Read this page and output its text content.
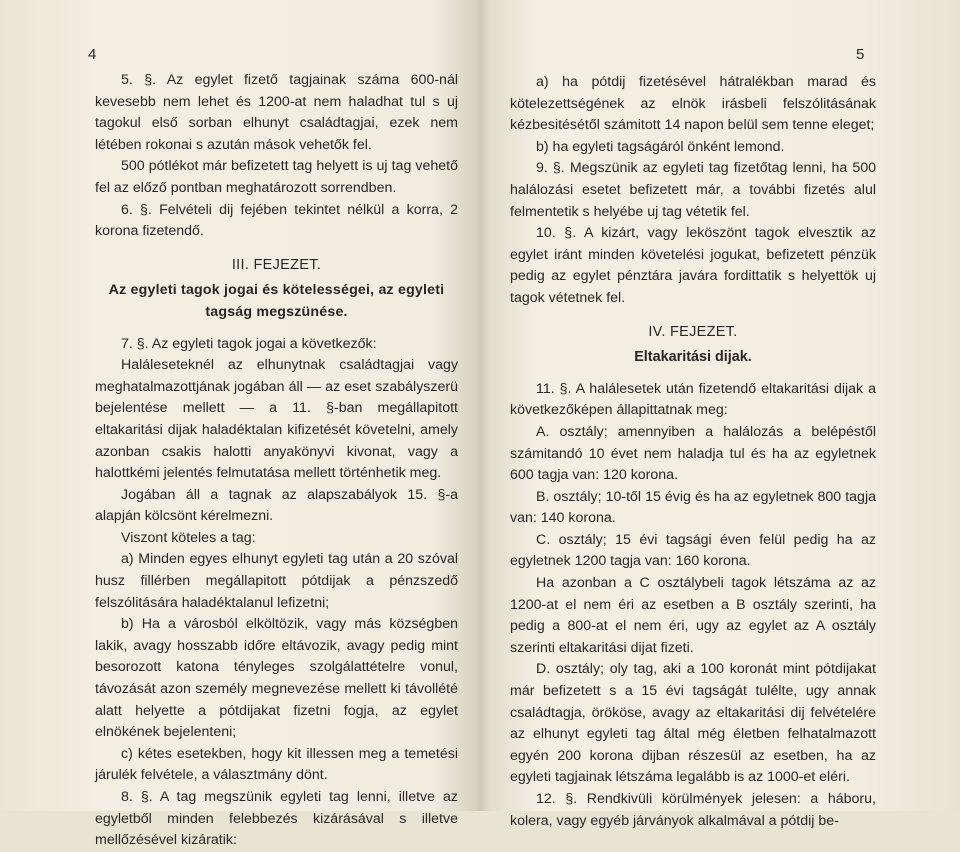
4

5. §. Az egylet fizető tagjainak száma 600-nál kevesebb nem lehet és 1200-at nem haladhat tul s uj tagokul első sorban elhunyt családtagjai, ezek nem létében rokonai s azután mások vehetők fel.

500 pótlékot már befizetett tag helyett is uj tag vehető fel az előző pontban meghatározott sorrendben.

6. §. Felvételi dij fejében tekintet nélkül a korra, 2 korona fizetendő.

III. FEJEZET.

Az egyleti tagok jogai és kötelességei, az egyleti tagság megszünése.

7. §. Az egyleti tagok jogai a következők:

Haláleseteknél az elhunytnak családtagjai vagy meghatalmazottjának jogában áll — az eset szabályszerü bejelentése mellett — a 11. §-ban megállapitott eltakaritási dijak haladéktalan kifizetését követelni, amely azonban csakis halotti anyakönyvi kivonat, vagy a halottkémi jelentés felmutatása mellett történhetik meg.

Jogában áll a tagnak az alapszabályok 15. §-a alapján kölcsönt kérelmezni.

Viszont köteles a tag:

a) Minden egyes elhunyt egyleti tag után a 20 szóval husz fillérben megállapitott pótdijak a pénzszedő felszólitására haladéktalanul lefizetni;

b) Ha a városból elköltözik, vagy más községben lakik, avagy hosszabb időre eltávozik, avagy pedig mint besorozott katona tényleges szolgálattételre vonul, távozását azon személy megnevezése mellett ki távollété alatt helyette a pótdijakat fizetni fogja, az egylet elnökének bejelenteni;

c) kétes esetekben, hogy kit illessen meg a temetési járulék felvétele, a választmány dönt.

8. §. A tag megszünik egyleti tag lenni, illetve az egyletből minden felebbezés kizárásával s illetve mellőzésével kizáratik:

5

a) ha pótdij fizetésével hátralékban marad és kötelezettségének az elnök irásbeli felszólitásának kézbesitésétől számitott 14 napon belül sem tenne eleget;

b) ha egyleti tagságáról önként lemond.

9. §. Megszünik az egyleti tag fizetőtag lenni, ha 500 halálozási esetet befizetett már, a további fizetés alul felmentetik s helyébe uj tag vétetik fel.

10. §. A kizárt, vagy leköszönt tagok elvesztik az egylet iránt minden követelési jogukat, befizetett pénzük pedig az egylet pénztára javára fordittatik s helyettök uj tagok vétetnek fel.

IV. FEJEZET.

Eltakaritási dijak.

11. §. A halálesetek után fizetendő eltakaritási dijak a következőképen állapittatnak meg:

A. osztály; amennyiben a halálozás a belépéstől számitandó 10 évet nem haladja tul és ha az egyletnek 600 tagja van: 120 korona.

B. osztály; 10-től 15 évig és ha az egyletnek 800 tagja van: 140 korona.

C. osztály; 15 évi tagsági éven felül pedig ha az egyletnek 1200 tagja van: 160 korona.

Ha azonban a C osztálybeli tagok létszáma az az 1200-at el nem éri az esetben a B osztály szerinti, ha pedig a 800-at el nem éri, ugy az egylet az A osztály szerinti eltakaritási dijat fizeti.

D. osztály; oly tag, aki a 100 koronát mint pótdijakat már befizetett s a 15 évi tagságát tulélte, ugy annak családtagja, örököse, avagy az eltakaritási dij felvételére az elhunyt egyleti tag által még életben felhatalmazott egyén 200 korona dijban részesül az esetben, ha az egyleti tagjainak létszáma legalább is az 1000-et eléri.

12. §. Rendkivüli körülmények jelesen: a háboru, kolera, vagy egyéb járványok alkalmával a pótdij be-
